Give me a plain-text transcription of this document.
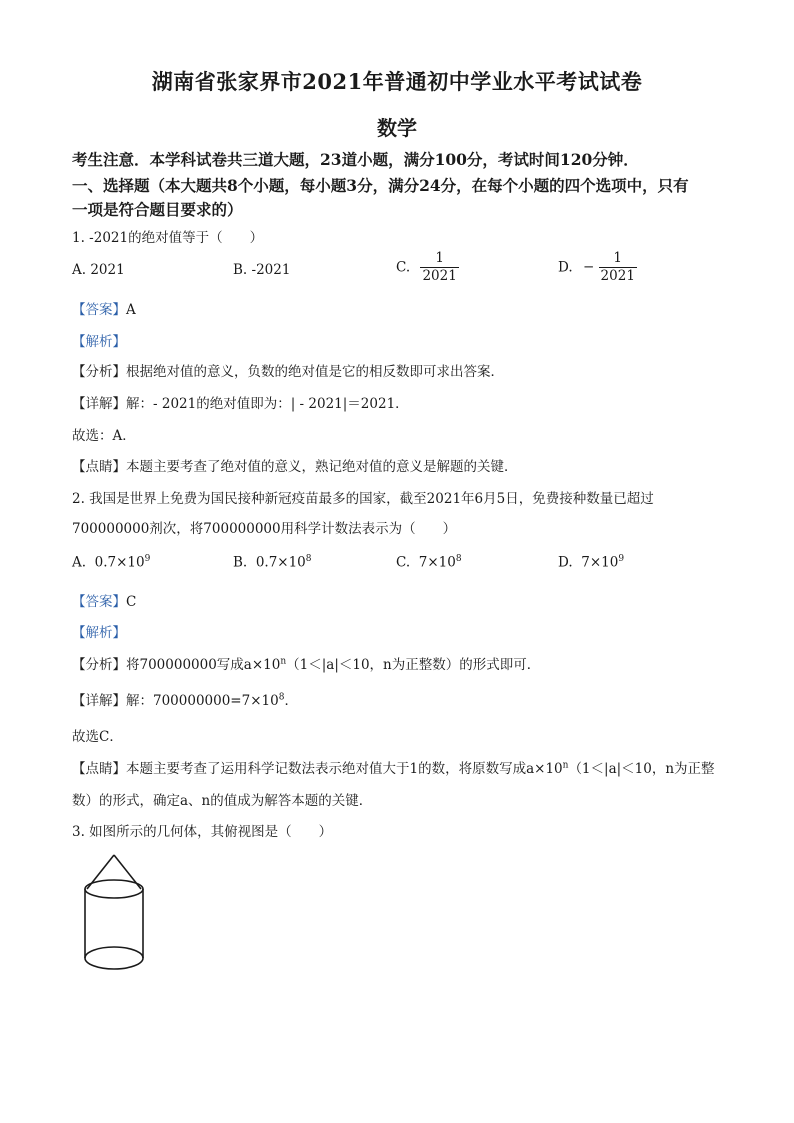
湖南省张家界市2021年普通初中学业水平考试试卷
数学
考生注意．本学科试卷共三道大题，23道小题，满分100分，考试时间120分钟．
一、选择题（本大题共8个小题，每小题3分，满分24分，在每个小题的四个选项中，只有
一项是符合题目要求的）
1. -2021的绝对值等于（　　）
A. 2021	B. -2021	C. $\frac{1}{2021}$	D. − $\frac{1}{2021}$
【答案】A
【解析】
【分析】根据绝对值的意义，负数的绝对值是它的相反数即可求出答案．
【详解】解：- 2021的绝对值即为：| - 2021|＝2021．
故选：A．
【点睛】本题主要考查了绝对值的意义，熟记绝对值的意义是解题的关键．
2. 我国是世界上免费为国民接种新冠疫苗最多的国家，截至2021年6月5日，免费接种数量已超过
700000000剂次，将700000000用科学计数法表示为（　　）
A. $0.7\times 10^9$	B. $0.7\times 10^8$	C. $7\times 10^8$	D. $7\times 10^9$
【答案】C
【解析】
【分析】将700000000写成$a\times 10^n(1<|a|<10$，n为正整数）的形式即可．
【详解】解：$700000000=7\times 10^8$．
故选C．
【点睛】本题主要考查了运用科学记数法表示绝对值大于1的数，将原数写成$a\times 10^n(1<|a|<10$，n为正整
数）的形式，确定a、n的值成为解答本题的关键．
3. 如图所示的几何体，其俯视图是（　　）
